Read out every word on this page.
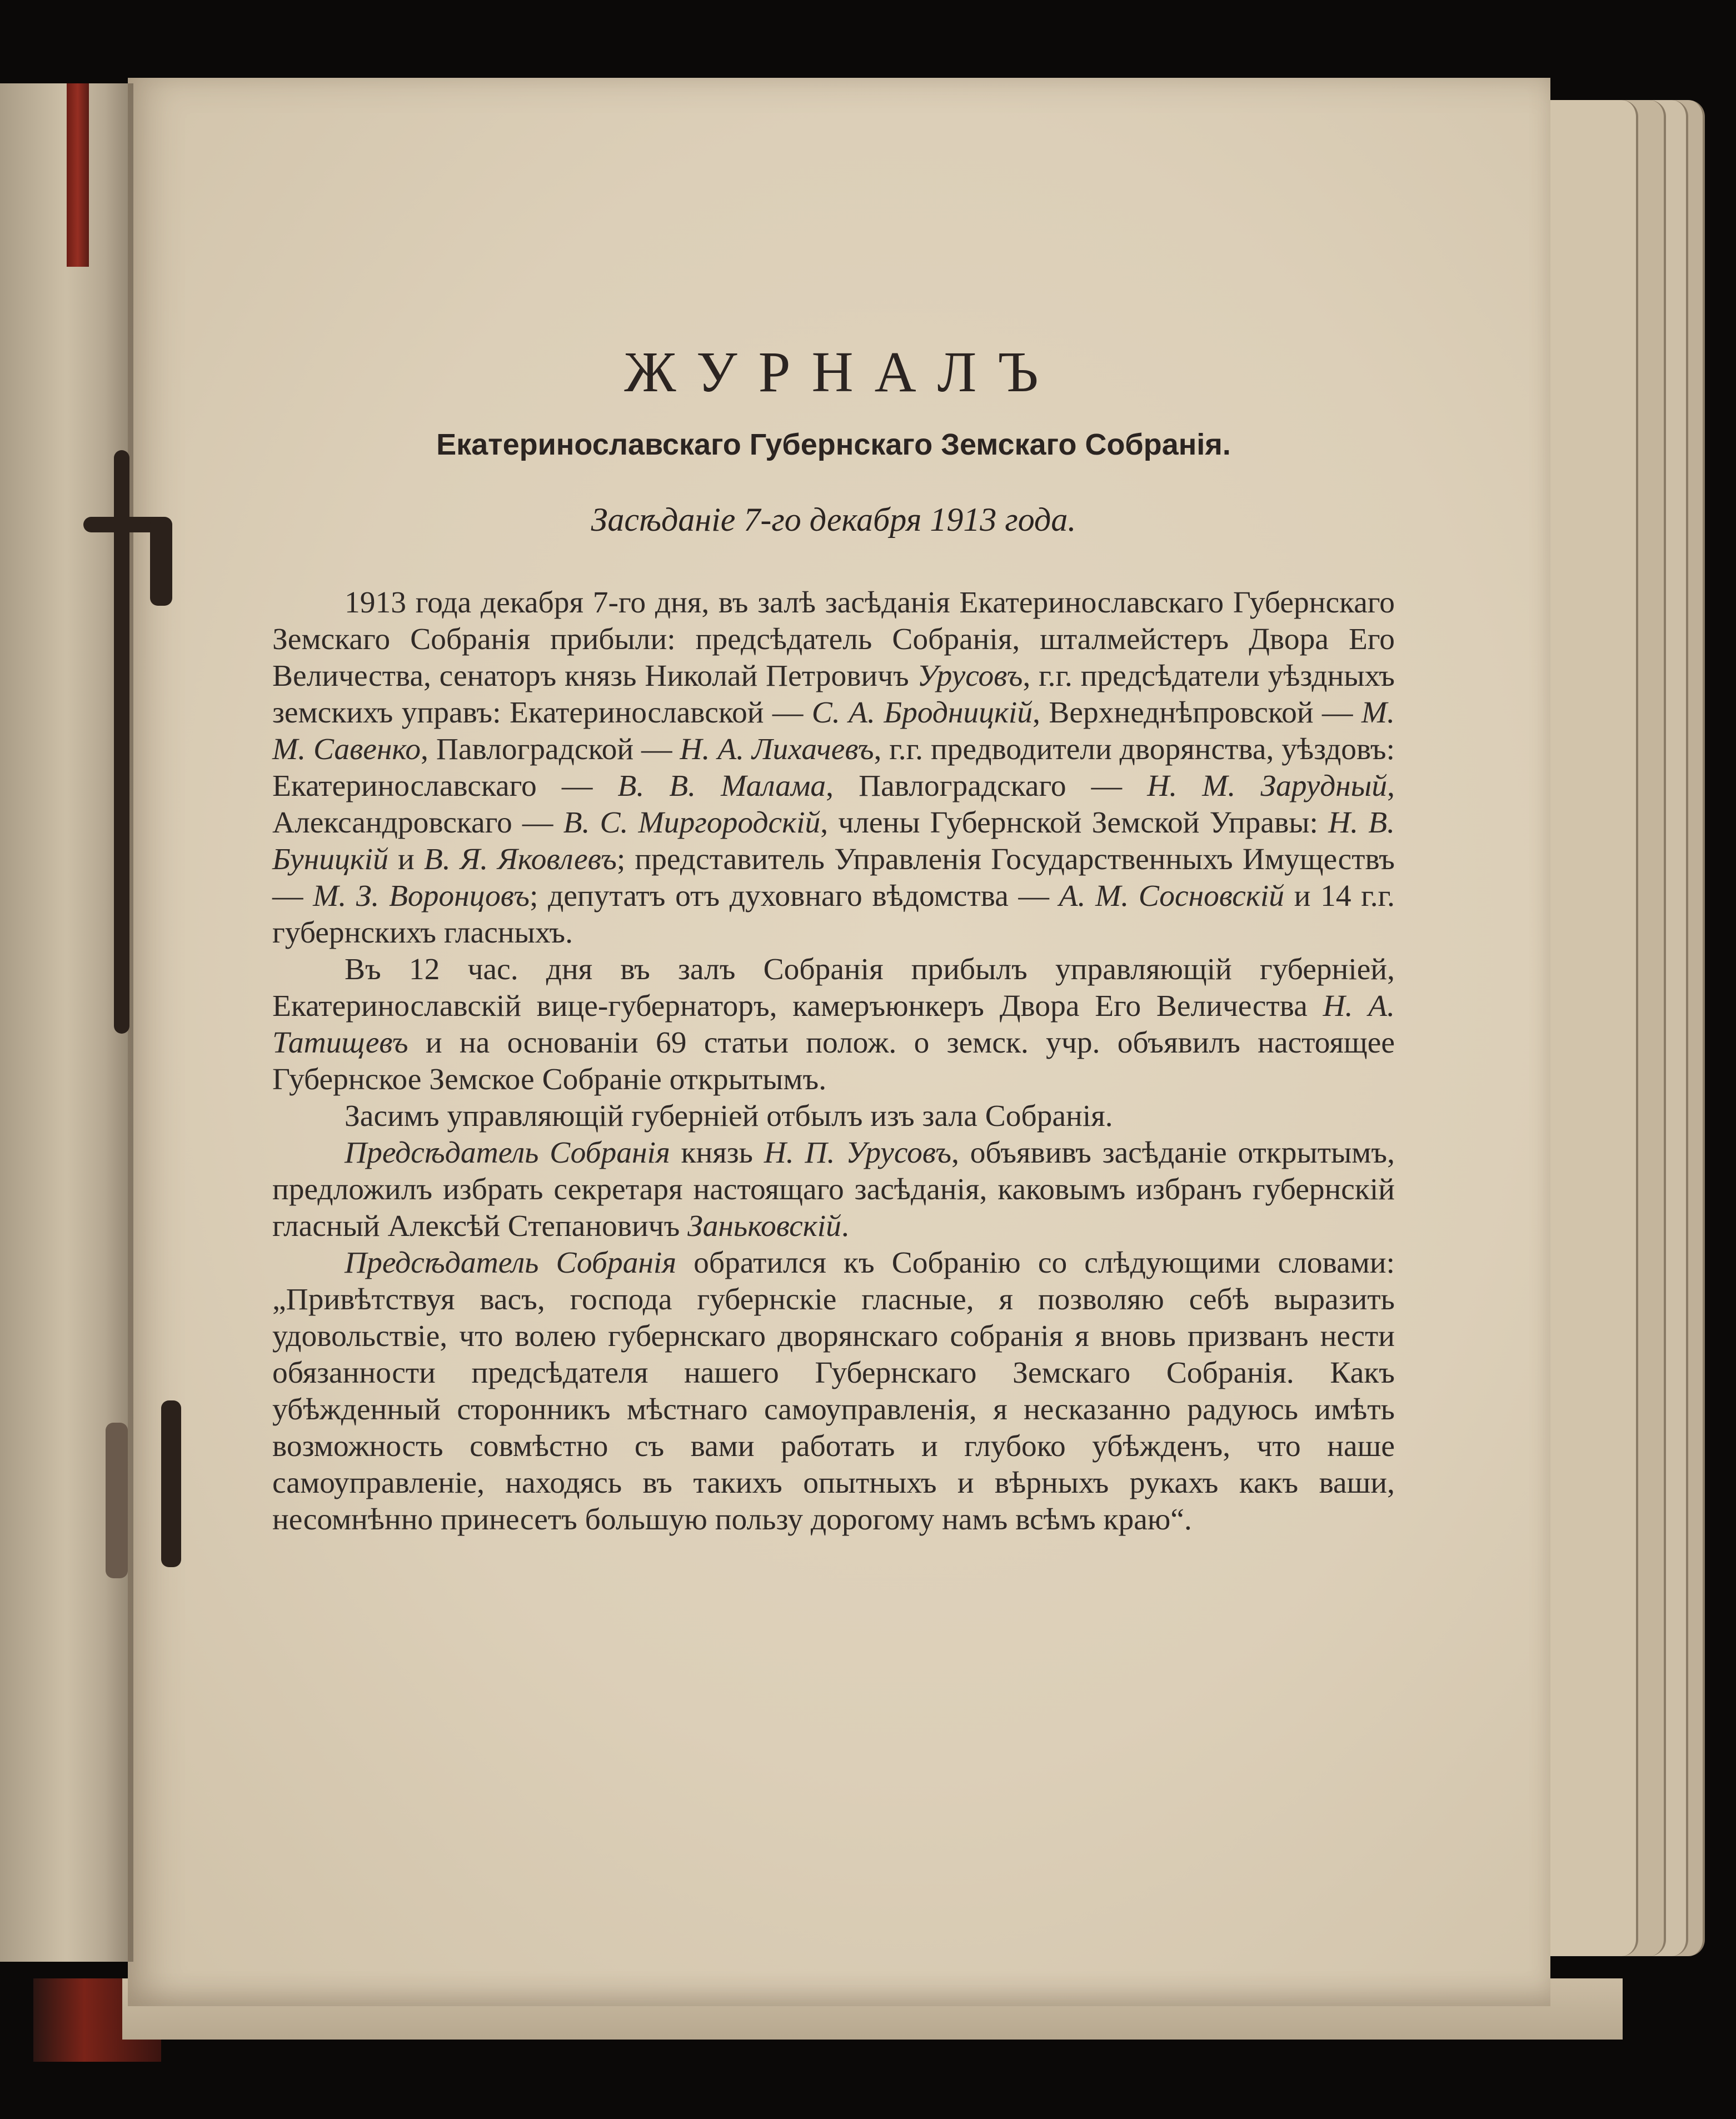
ЖУРНАЛЪ
Екатеринославскаго Губернскаго Земскаго Собранія.
Засѣданіе 7-го декабря 1913 года.

1913 года декабря 7-го дня, въ залѣ засѣданія Екатеринославскаго Губернскаго Земскаго Собранія прибыли: предсѣдатель Собранія, шталмейстеръ Двора Его Величества, сенаторъ князь Николай Петровичъ Урусовъ, г.г. предсѣдатели уѣздныхъ земскихъ управъ: Екатеринославской — С. А. Бродницкій, Верхнеднѣпровской — М. М. Савенко, Павлоградской — Н. А. Лихачевъ, г.г. предводители дворянства, уѣздовъ: Екатеринославскаго — В. В. Малама, Павлоградскаго — Н. М. Зарудный, Александровскаго — В. С. Миргородскій, члены Губернской Земской Управы: Н. В. Буницкій и В. Я. Яковлевъ; представитель Управленія Государственныхъ Имуществъ — М. З. Воронцовъ; депутатъ отъ духовнаго вѣдомства — А. М. Сосновскій и 14 г.г. губернскихъ гласныхъ.

Въ 12 час. дня въ залъ Собранія прибылъ управляющій губерніей, Екатеринославскій вице-губернаторъ, камеръюнкеръ Двора Его Величества Н. А. Татищевъ и на основаніи 69 статьи полож. о земск. учр. объявилъ настоящее Губернское Земское Собраніе открытымъ.

Засимъ управляющій губерніей отбылъ изъ зала Собранія.

Предсѣдатель Собранія князь Н. П. Урусовъ, объявивъ засѣданіе открытымъ, предложилъ избрать секретаря настоящаго засѣданія, каковымъ избранъ губернскій гласный Алексѣй Степановичъ Заньковскій.

Предсѣдатель Собранія обратился къ Собранію со слѣдующими словами: „Привѣтствуя васъ, господа губернскіе гласные, я позволяю себѣ выразить удовольствіе, что волею губернскаго дворянскаго собранія я вновь призванъ нести обязанности предсѣдателя нашего Губернскаго Земскаго Собранія. Какъ убѣжденный сторонникъ мѣстнаго самоуправленія, я несказанно радуюсь имѣть возможность совмѣстно съ вами работать и глубоко убѣжденъ, что наше самоуправленіе, находясь въ такихъ опытныхъ и вѣрныхъ рукахъ какъ ваши, несомнѣнно принесетъ большую пользу дорогому намъ всѣмъ краю“.
